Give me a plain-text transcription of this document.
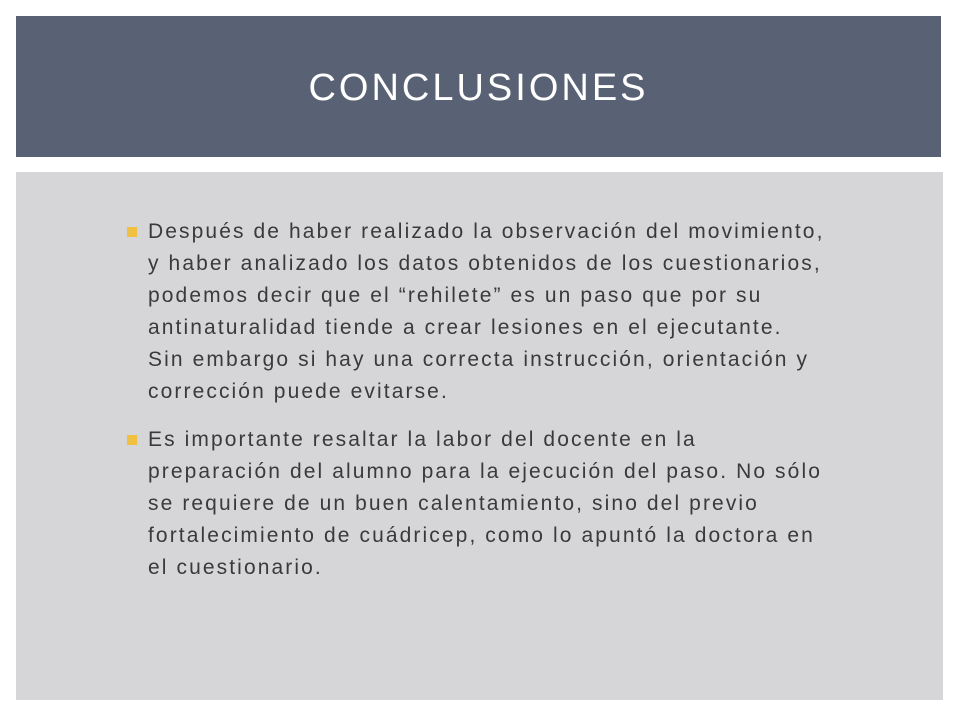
CONCLUSIONES
Después de haber realizado la observación del movimiento, y haber analizado los datos obtenidos de los cuestionarios, podemos decir que el “rehilete” es un paso que por su antinaturalidad tiende a crear lesiones en el ejecutante. Sin embargo si hay una correcta instrucción, orientación y corrección puede evitarse.
Es importante resaltar la labor del docente en la preparación del alumno para la ejecución del paso. No sólo se requiere de un buen calentamiento, sino del previo fortalecimiento de cuádricep, como lo apuntó la doctora en el cuestionario.
